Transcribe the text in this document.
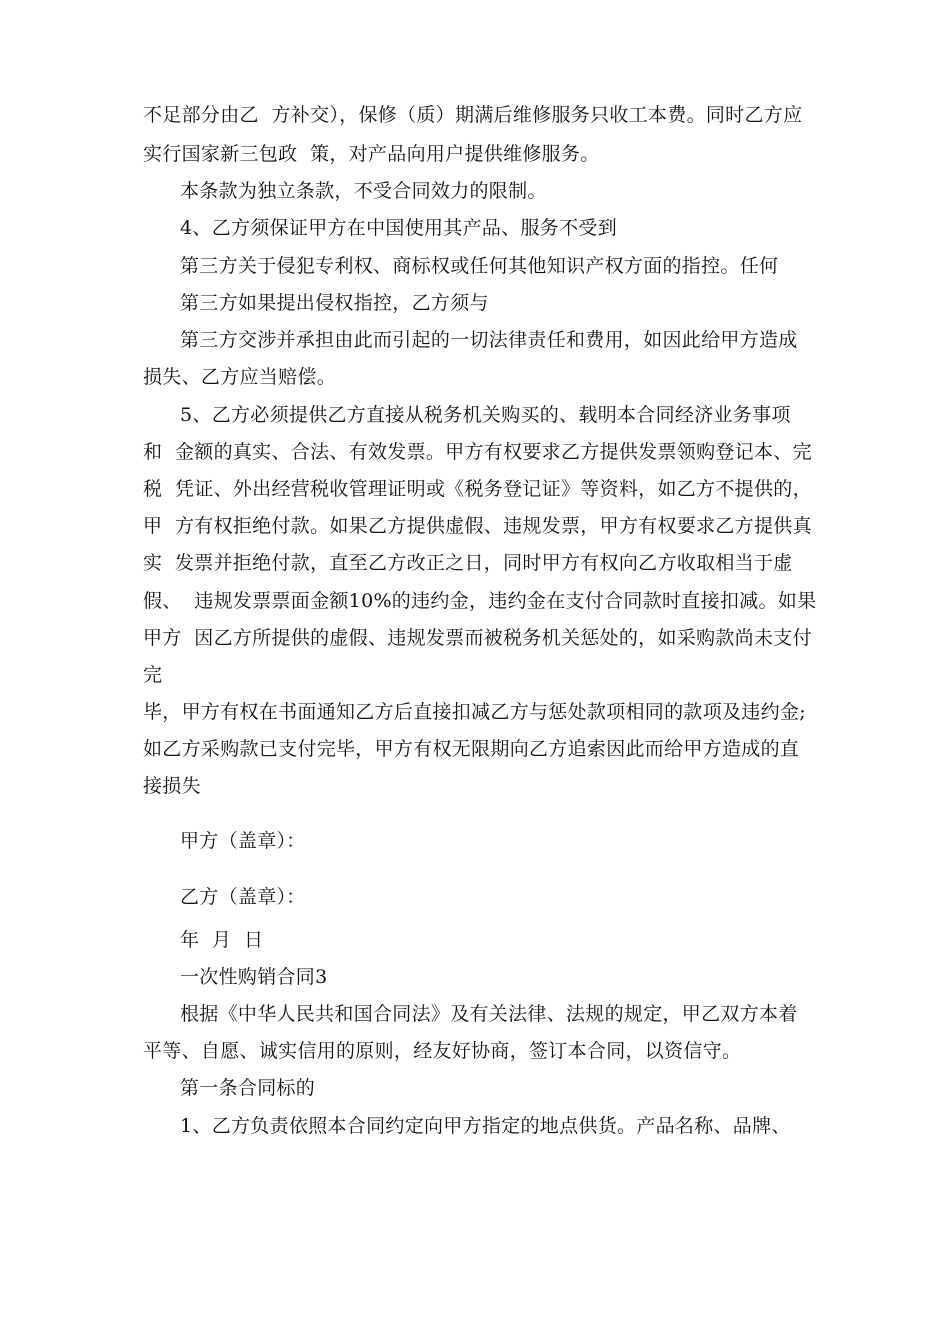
不足部分由乙  方补交），保修（质）期满后维修服务只收工本费。同时乙方应
实行国家新三包政  策，对产品向用户提供维修服务。
本条款为独立条款，不受合同效力的限制。
4、乙方须保证甲方在中国使用其产品、服务不受到
第三方关于侵犯专利权、商标权或任何其他知识产权方面的指控。任何
第三方如果提出侵权指控，乙方须与
第三方交涉并承担由此而引起的一切法律责任和费用，如因此给甲方造成
损失、乙方应当赔偿。
5、乙方必须提供乙方直接从税务机关购买的、载明本合同经济业务事项
和  金额的真实、合法、有效发票。甲方有权要求乙方提供发票领购登记本、完
税  凭证、外出经营税收管理证明或《税务登记证》等资料，如乙方不提供的，
甲  方有权拒绝付款。如果乙方提供虚假、违规发票，甲方有权要求乙方提供真
实  发票并拒绝付款，直至乙方改正之日，同时甲方有权向乙方收取相当于虚
假、  违规发票票面金额10%的违约金，违约金在支付合同款时直接扣减。如果
甲方  因乙方所提供的虚假、违规发票而被税务机关惩处的，如采购款尚未支付
完
毕，甲方有权在书面通知乙方后直接扣减乙方与惩处款项相同的款项及违约金;
如乙方采购款已支付完毕，甲方有权无限期向乙方追索因此而给甲方造成的直
接损失
甲方（盖章）：
乙方（盖章）：
年  月  日
一次性购销合同3
根据《中华人民共和国合同法》及有关法律、法规的规定，甲乙双方本着
平等、自愿、诚实信用的原则，经友好协商，签订本合同，以资信守。
第一条合同标的
1、乙方负责依照本合同约定向甲方指定的地点供货。产品名称、品牌、
